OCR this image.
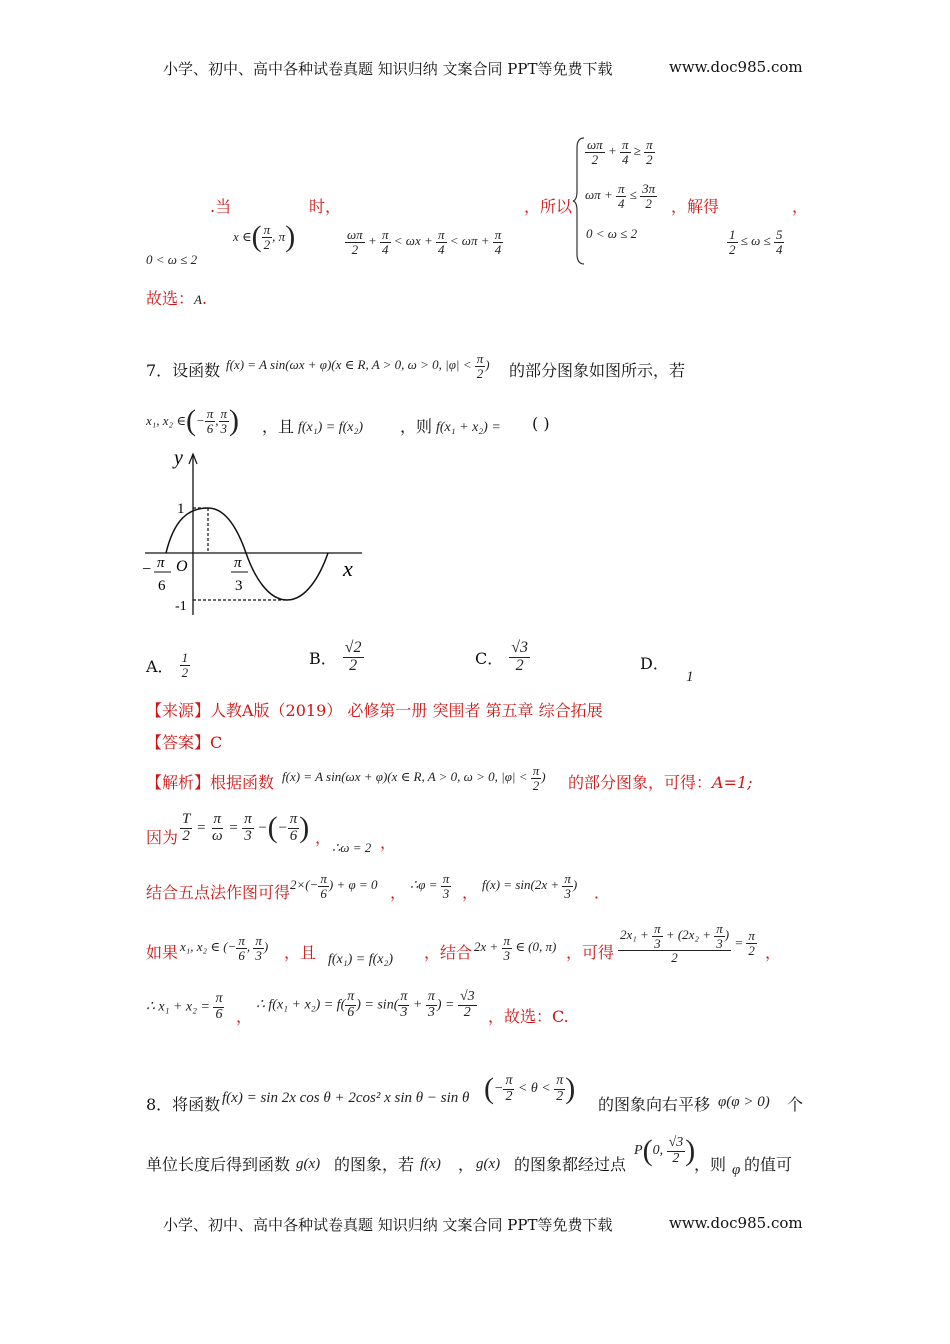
小学、初中、高中各种试卷真题 知识归纳 文案合同 PPT等免费下载	www.doc985.com
.当	时，	，所以	，解得	，
0 < ω ≤ 2
x ∈ ( $\frac{\pi}{2}$ , π )	$\frac{\omega\pi}{2} + \frac{\pi}{4} < \omega x + \frac{\pi}{4} < \omega\pi + \frac{\pi}{4}$
$\frac{\omega\pi}{2} + \frac{\pi}{4} \ge \frac{\pi}{2}$
$\omega\pi + \frac{\pi}{4} \le \frac{3\pi}{2}$
0 < ω ≤ 2	$\frac{1}{2} \le \omega \le \frac{5}{4}$
故选：A.
7．设函数 f(x) = A sin(ωx + φ)(x ∈ R, A > 0, ω > 0, $|\varphi| < \frac{\pi}{2}$ ) 的部分图象如图所示，若
x₁, x₂ ∈ ( − $\frac{\pi}{6}$ , $\frac{\pi}{3}$ ) ，且 f(x₁) = f(x₂) ，则 f(x₁ + x₂) = ( )
y
x
O
1
-1
− π
6
π
3
A． $\frac{1}{2}$	B． $\frac{√2}{2}$	C． $\frac{√3}{2}$	D． 1
【来源】人教A版（2019） 必修第一册 突围者 第五章 综合拓展
【答案】C
【解析】根据函数 f(x) = A sin(ωx + φ)(x ∈ R, A > 0, ω > 0, $|\varphi| < \frac{\pi}{2}$ ) 的部分图象，可得：A=1;
因为 $\frac{T}{2} = \frac{\pi}{\omega} = \frac{\pi}{3}$ − ( − $\frac{\pi}{6}$ ) ，
∴ω = 2 ，
结合五点法作图可得 $2\times(- \frac{\pi}{6}$ ) + φ = 0 ， ∴φ = $\frac{\pi}{3}$ ， $f(x) = \sin(2x + \frac{\pi}{3}$ ) ．
如果 x₁, x₂ ∈ (− $\frac{\pi}{6}$ , $\frac{\pi}{3}$ ) ，且 f(x₁) = f(x₂) ，结合 $2x + \frac{\pi}{3}$ ∈ (0, π) ，可得 $\frac{2x_1 + \frac{\pi}{3} + (2x_2 + \frac{\pi}{3} )}{2} = \frac{\pi}{2}$ ，
∴ $x_1 + x_2 = \frac{\pi}{6}$ ，
∴ $f(x_1 + x_2) = f( \frac{\pi}{6}$ ) = $\sin( \frac{\pi}{3} + \frac{\pi}{3}$ ) = $\frac{√3}{2}$ ，故选：C.
8．将函数 f(x) = sin 2x cos θ + 2cos² x sin θ − sin θ ( − $\frac{\pi}{2} < \theta < \frac{\pi}{2}$ ) 的图象向右平移 φ(φ > 0) 个
单位长度后得到函数 g(x) 的图象，若 f(x) ， g(x) 的图象都经过点
P ( 0, $\frac{√3}{2}$ )
，则 φ 的值可
小学、初中、高中各种试卷真题 知识归纳 文案合同 PPT等免费下载	www.doc985.com
